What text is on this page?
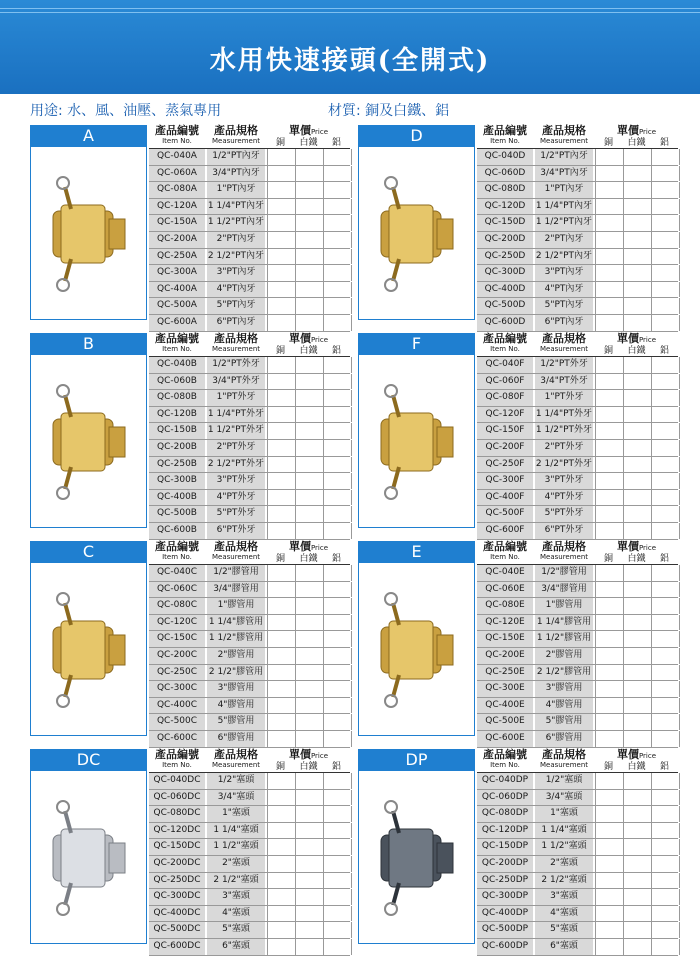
水用快速接頭(全開式)
用途: 水、風、油壓、蒸氣專用	材質: 銅及白鐵、鋁
A	產品編號
Item No.
產品規格
Measurement
單價Price
銅	白鐵	鋁
QC-040A	1/2"PT內牙
QC-060A	3/4"PT內牙
QC-080A	1"PT內牙
QC-120A	1 1/4"PT內牙
QC-150A	1 1/2"PT內牙
QC-200A	2"PT內牙
QC-250A	2 1/2"PT內牙
QC-300A	3"PT內牙
QC-400A	4"PT內牙
QC-500A	5"PT內牙
QC-600A	6"PT內牙
D	產品編號
Item No.
產品規格
Measurement
單價Price
銅	白鐵	鋁
QC-040D	1/2"PT內牙
QC-060D	3/4"PT內牙
QC-080D	1"PT內牙
QC-120D	1 1/4"PT內牙
QC-150D	1 1/2"PT內牙
QC-200D	2"PT內牙
QC-250D	2 1/2"PT內牙
QC-300D	3"PT內牙
QC-400D	4"PT內牙
QC-500D	5"PT內牙
QC-600D	6"PT內牙
B	產品編號
Item No.
產品規格
Measurement
單價Price
銅	白鐵	鋁
QC-040B	1/2"PT外牙
QC-060B	3/4"PT外牙
QC-080B	1"PT外牙
QC-120B	1 1/4"PT外牙
QC-150B	1 1/2"PT外牙
QC-200B	2"PT外牙
QC-250B	2 1/2"PT外牙
QC-300B	3"PT外牙
QC-400B	4"PT外牙
QC-500B	5"PT外牙
QC-600B	6"PT外牙
F	產品編號
Item No.
產品規格
Measurement
單價Price
銅	白鐵	鋁
QC-040F	1/2"PT外牙
QC-060F	3/4"PT外牙
QC-080F	1"PT外牙
QC-120F	1 1/4"PT外牙
QC-150F	1 1/2"PT外牙
QC-200F	2"PT外牙
QC-250F	2 1/2"PT外牙
QC-300F	3"PT外牙
QC-400F	4"PT外牙
QC-500F	5"PT外牙
QC-600F	6"PT外牙
C	產品編號
Item No.
產品規格
Measurement
單價Price
銅	白鐵	鋁
QC-040C	1/2"膠管用
QC-060C	3/4"膠管用
QC-080C	1"膠管用
QC-120C	1 1/4"膠管用
QC-150C	1 1/2"膠管用
QC-200C	2"膠管用
QC-250C	2 1/2"膠管用
QC-300C	3"膠管用
QC-400C	4"膠管用
QC-500C	5"膠管用
QC-600C	6"膠管用
E	產品編號
Item No.
產品規格
Measurement
單價Price
銅	白鐵	鋁
QC-040E	1/2"膠管用
QC-060E	3/4"膠管用
QC-080E	1"膠管用
QC-120E	1 1/4"膠管用
QC-150E	1 1/2"膠管用
QC-200E	2"膠管用
QC-250E	2 1/2"膠管用
QC-300E	3"膠管用
QC-400E	4"膠管用
QC-500E	5"膠管用
QC-600E	6"膠管用
DC	產品編號
Item No.
產品規格
Measurement
單價Price
銅	白鐵	鋁
QC-040DC	1/2"塞頭
QC-060DC	3/4"塞頭
QC-080DC	1"塞頭
QC-120DC	1 1/4"塞頭
QC-150DC	1 1/2"塞頭
QC-200DC	2"塞頭
QC-250DC	2 1/2"塞頭
QC-300DC	3"塞頭
QC-400DC	4"塞頭
QC-500DC	5"塞頭
QC-600DC	6"塞頭
DP	產品編號
Item No.
產品規格
Measurement
單價Price
銅	白鐵	鋁
QC-040DP	1/2"塞頭
QC-060DP	3/4"塞頭
QC-080DP	1"塞頭
QC-120DP	1 1/4"塞頭
QC-150DP	1 1/2"塞頭
QC-200DP	2"塞頭
QC-250DP	2 1/2"塞頭
QC-300DP	3"塞頭
QC-400DP	4"塞頭
QC-500DP	5"塞頭
QC-600DP	6"塞頭
